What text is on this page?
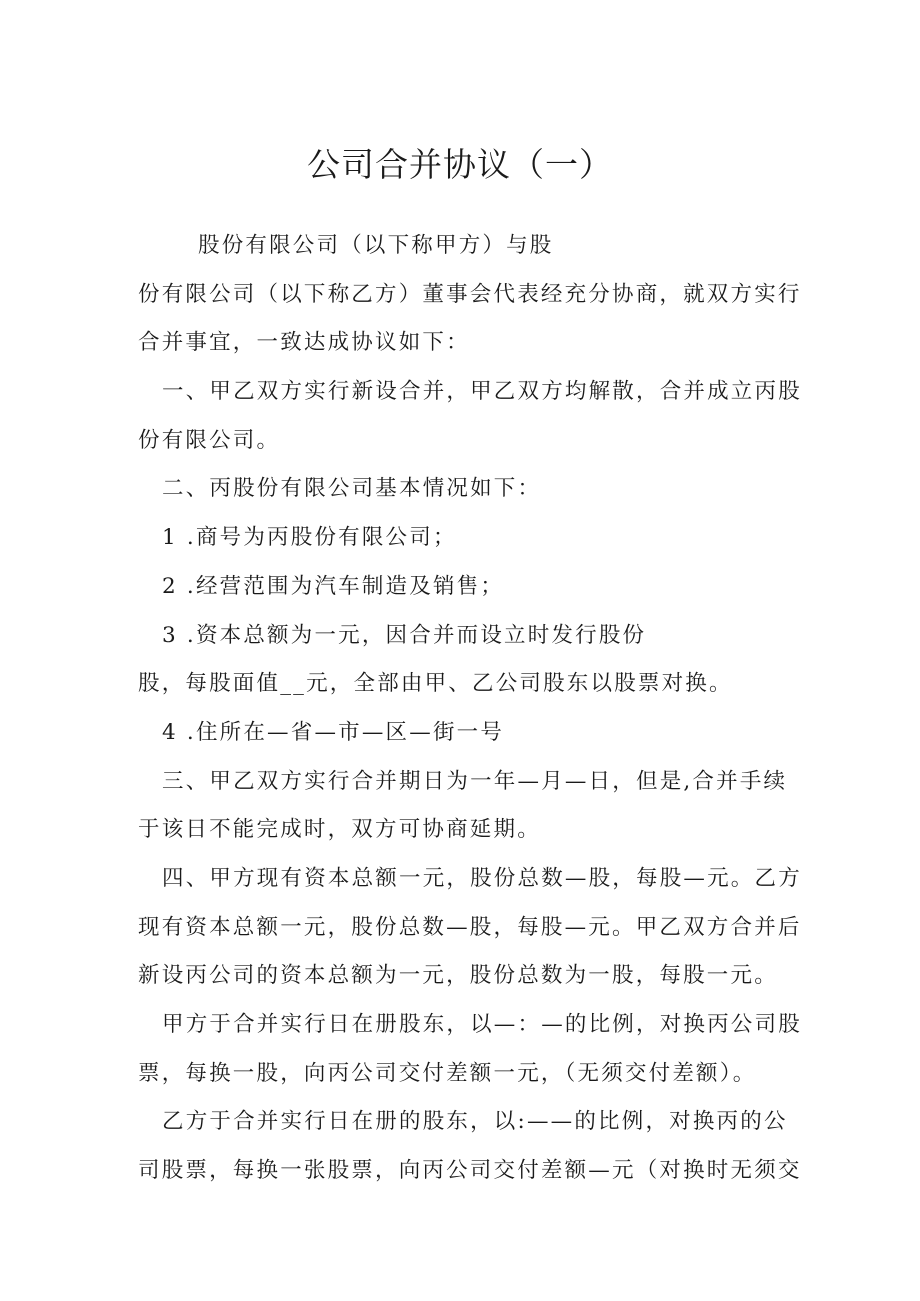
公司合并协议（一）
股份有限公司（以下称甲方）与股
份有限公司（以下称乙方）董事会代表经充分协商，就双方实行
合并事宜，一致达成协议如下：
一、甲乙双方实行新设合并，甲乙双方均解散，合并成立丙股
份有限公司。
二、丙股份有限公司基本情况如下：
1 .商号为丙股份有限公司；
2 .经营范围为汽车制造及销售；
3 .资本总额为一元，因合并而设立时发行股份
股，每股面值__元，全部由甲、乙公司股东以股票对换。
4 .住所在—省—市—区—街一号
三、甲乙双方实行合并期日为一年—月—日，但是,合并手续
于该日不能完成时，双方可协商延期。
四、甲方现有资本总额一元，股份总数—股，每股—元。乙方
现有资本总额一元，股份总数—股，每股—元。甲乙双方合并后
新设丙公司的资本总额为一元，股份总数为一股，每股一元。
甲方于合并实行日在册股东，以—：—的比例，对换丙公司股
票，每换一股，向丙公司交付差额一元，（无须交付差额）。
乙方于合并实行日在册的股东，以:——的比例，对换丙的公
司股票，每换一张股票，向丙公司交付差额—元（对换时无须交
